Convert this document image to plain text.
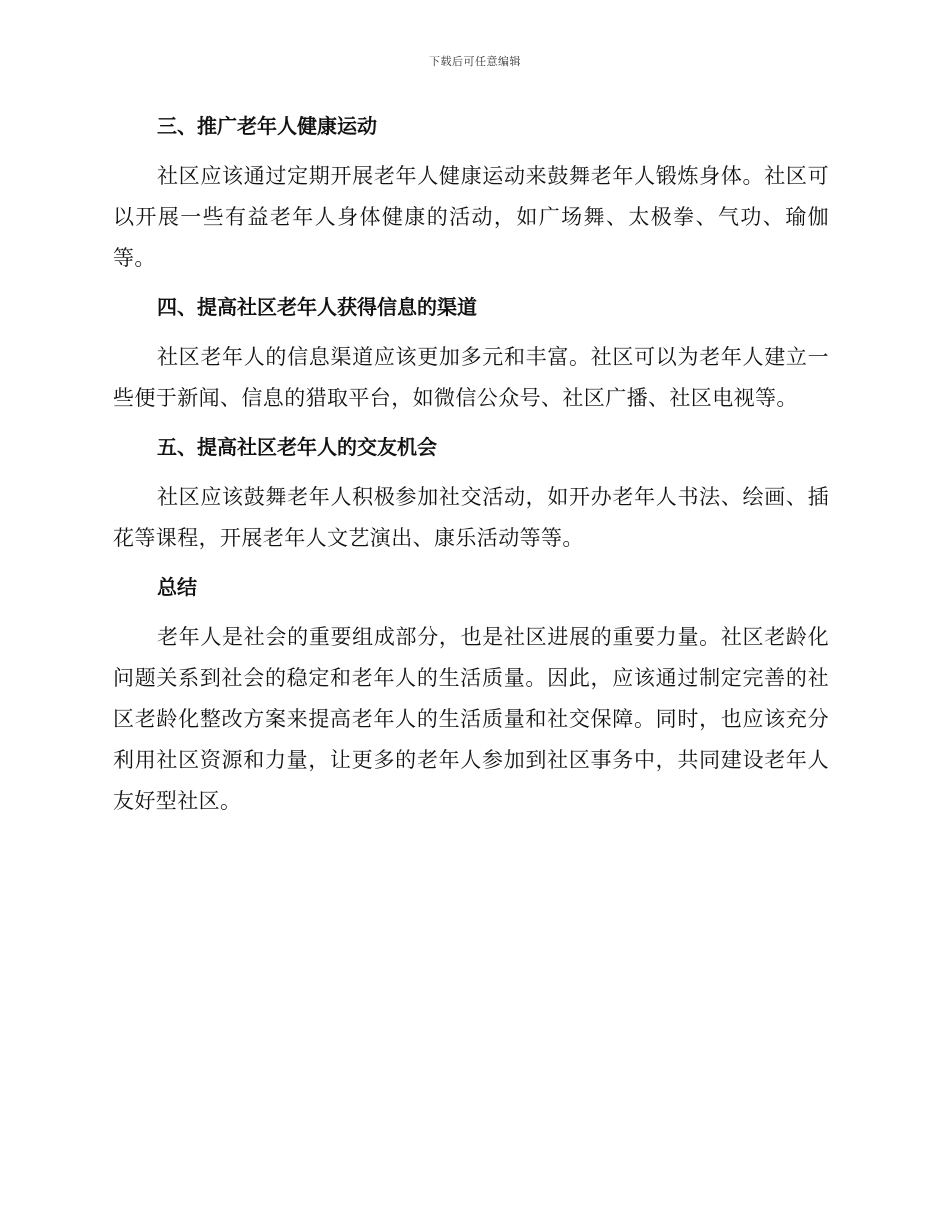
下载后可任意编辑
三、推广老年人健康运动

社区应该通过定期开展老年人健康运动来鼓舞老年人锻炼身体。社区可以开展一些有益老年人身体健康的活动，如广场舞、太极拳、气功、瑜伽等。

四、提高社区老年人获得信息的渠道

社区老年人的信息渠道应该更加多元和丰富。社区可以为老年人建立一些便于新闻、信息的猎取平台，如微信公众号、社区广播、社区电视等。

五、提高社区老年人的交友机会

社区应该鼓舞老年人积极参加社交活动，如开办老年人书法、绘画、插花等课程，开展老年人文艺演出、康乐活动等等。

总结

老年人是社会的重要组成部分，也是社区进展的重要力量。社区老龄化问题关系到社会的稳定和老年人的生活质量。因此，应该通过制定完善的社区老龄化整改方案来提高老年人的生活质量和社交保障。同时，也应该充分利用社区资源和力量，让更多的老年人参加到社区事务中，共同建设老年人友好型社区。
